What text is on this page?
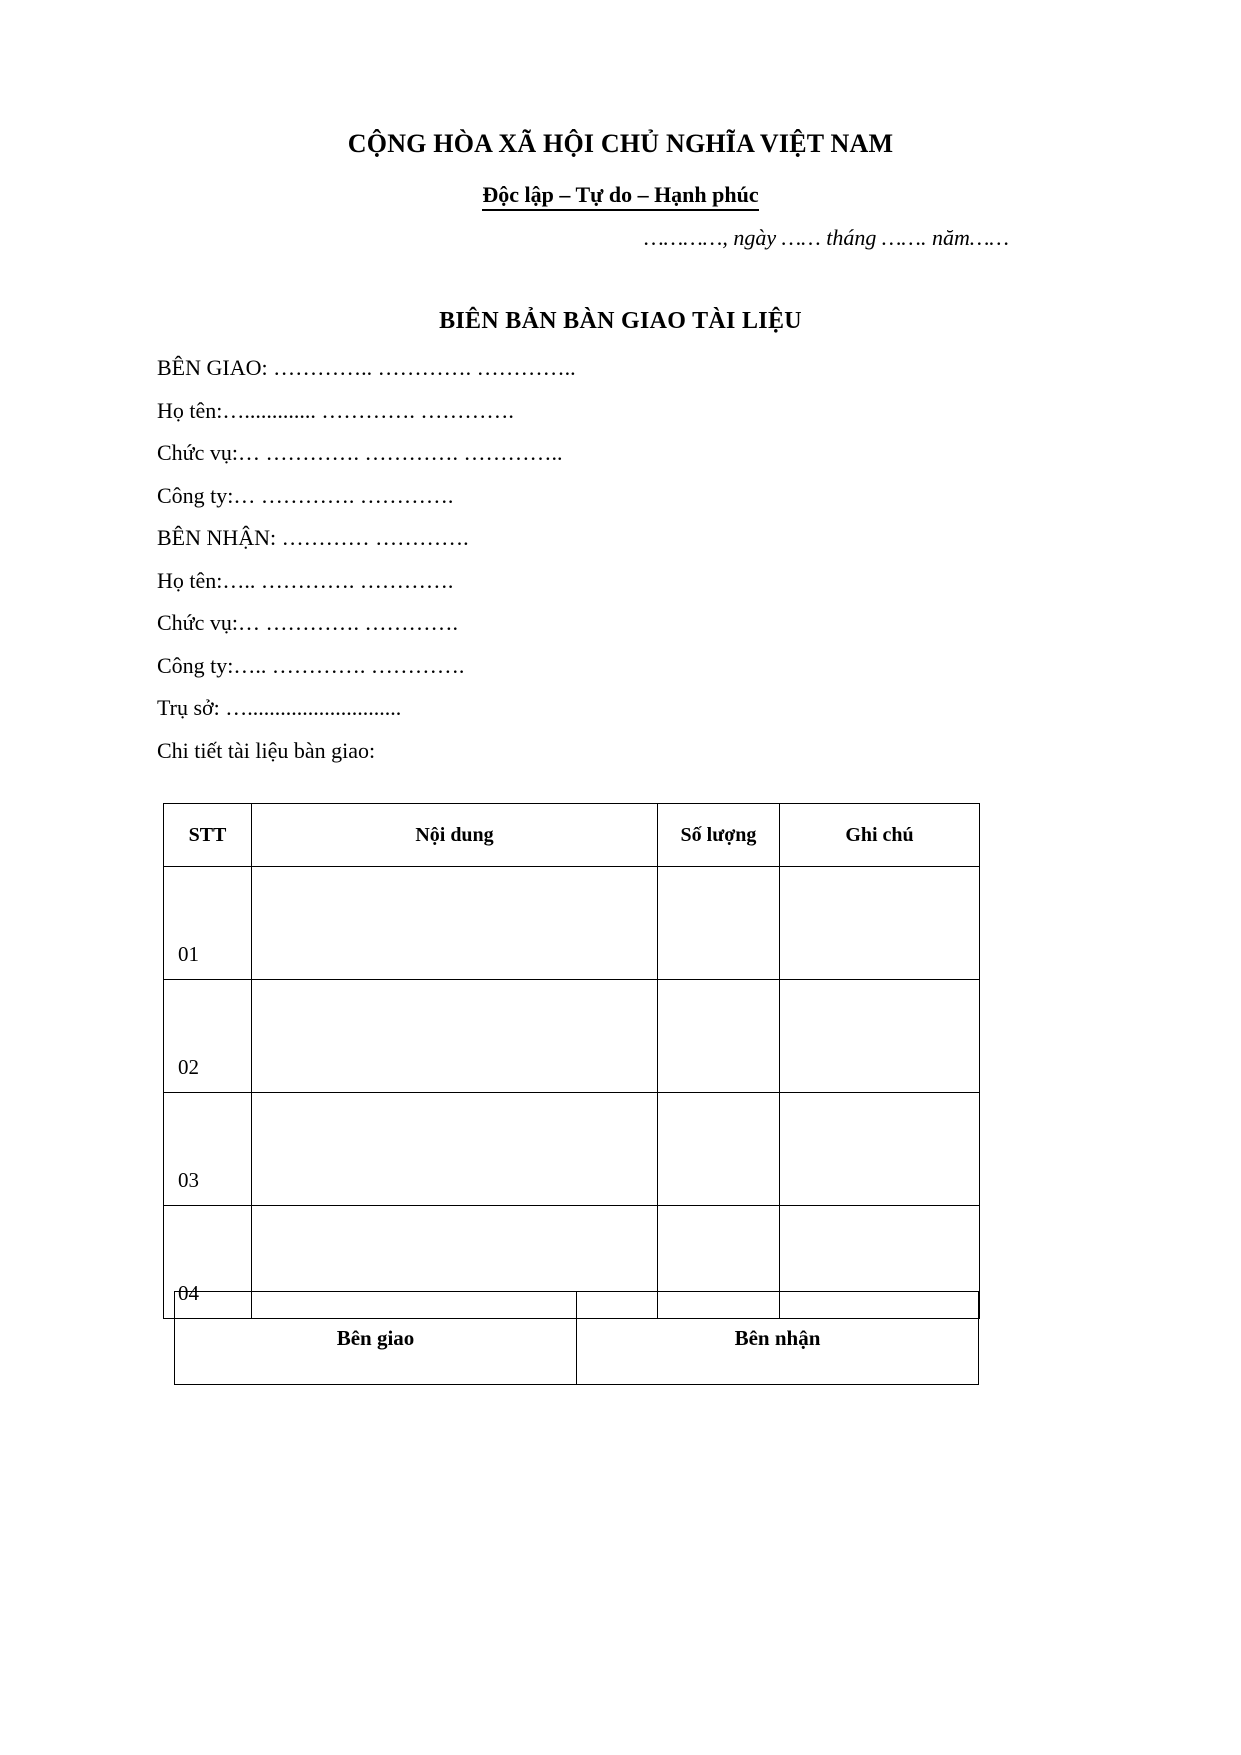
CỘNG HÒA XÃ HỘI CHỦ NGHĨA VIỆT NAM
Độc lập – Tự do – Hạnh phúc
…………, ngày …… tháng ……. năm……
BIÊN BẢN BÀN GIAO TÀI LIỆU
BÊN GIAO: ………….. …………. …………..
Họ tên:…............. …………. ………….
Chức vụ:… …………. …………. …………..
Công ty:… …………. ………….
BÊN NHẬN: ………… ………….
Họ tên:….. …………. ………….
Chức vụ:… …………. ………….
Công ty:….. …………. ………….
Trụ sở: …............................
Chi tiết tài liệu bàn giao:
STT	Nội dung	Số lượng	Ghi chú
01			
02			
03			
04			
Bên giao	Bên nhận
